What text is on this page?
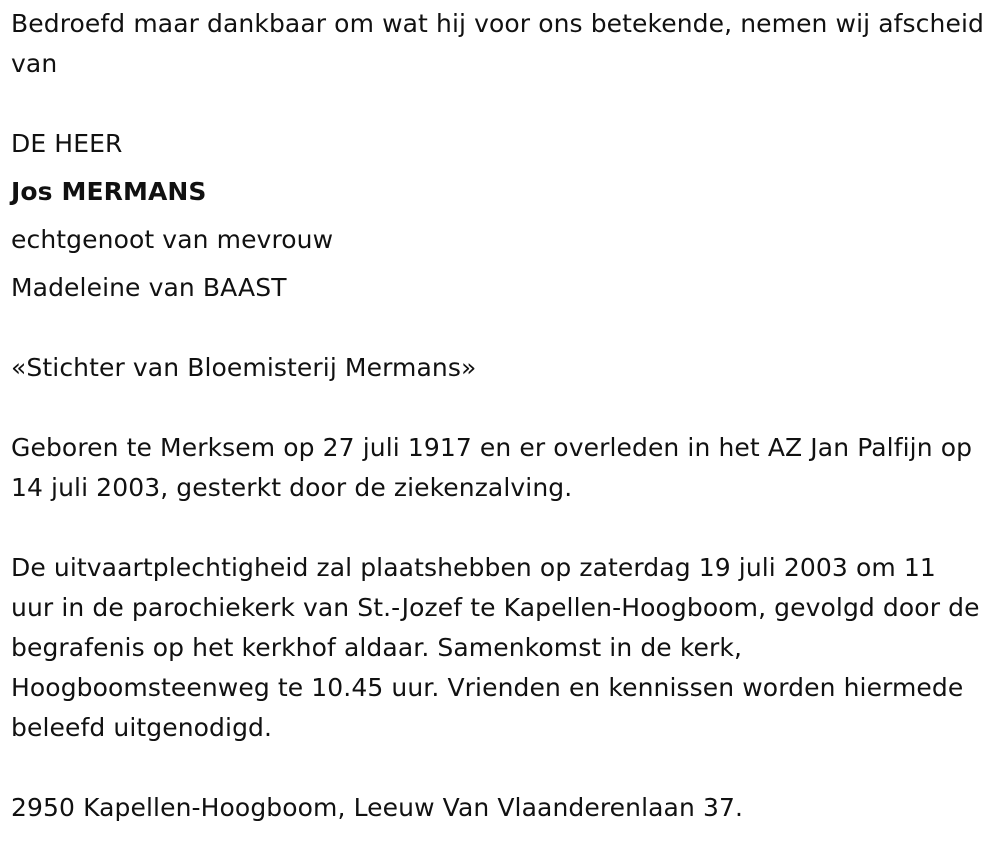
Bedroefd maar dankbaar om wat hij voor ons betekende, nemen wij afscheid van

DE HEER

Jos MERMANS

echtgenoot van mevrouw

Madeleine van BAAST

«Stichter van Bloemisterij Mermans»

Geboren te Merksem op 27 juli 1917 en er overleden in het AZ Jan Palfijn op 14 juli 2003, gesterkt door de ziekenzalving.

De uitvaartplechtigheid zal plaatshebben op zaterdag 19 juli 2003 om 11 uur in de parochiekerk van St.-Jozef te Kapellen-Hoogboom, gevolgd door de begrafenis op het kerkhof aldaar. Samenkomst in de kerk, Hoogboomsteenweg te 10.45 uur. Vrienden en kennissen worden hiermede beleefd uitgenodigd.

2950 Kapellen-Hoogboom, Leeuw Van Vlaanderenlaan 37.
